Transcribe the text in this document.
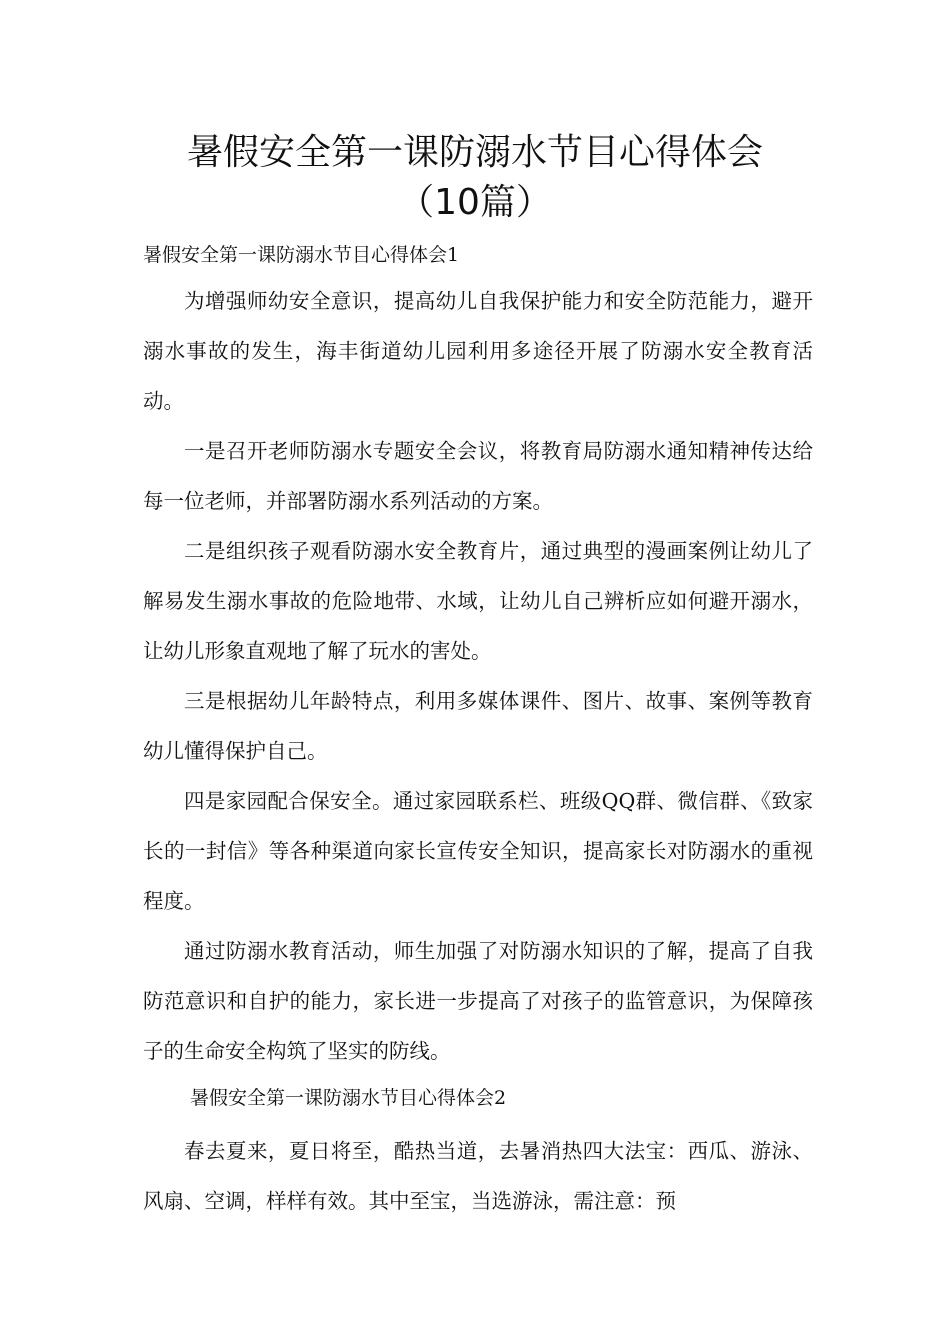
暑假安全第一课防溺水节目心得体会
（10篇）

暑假安全第一课防溺水节目心得体会1

为增强师幼安全意识，提高幼儿自我保护能力和安全防范能力，避开溺水事故的发生，海丰街道幼儿园利用多途径开展了防溺水安全教育活动。

一是召开老师防溺水专题安全会议，将教育局防溺水通知精神传达给每一位老师，并部署防溺水系列活动的方案。

二是组织孩子观看防溺水安全教育片，通过典型的漫画案例让幼儿了解易发生溺水事故的危险地带、水域，让幼儿自己辨析应如何避开溺水，让幼儿形象直观地了解了玩水的害处。

三是根据幼儿年龄特点，利用多媒体课件、图片、故事、案例等教育幼儿懂得保护自己。

四是家园配合保安全。通过家园联系栏、班级QQ群、微信群、《致家长的一封信》等各种渠道向家长宣传安全知识，提高家长对防溺水的重视程度。

通过防溺水教育活动，师生加强了对防溺水知识的了解，提高了自我防范意识和自护的能力，家长进一步提高了对孩子的监管意识，为保障孩子的生命安全构筑了坚实的防线。

暑假安全第一课防溺水节目心得体会2

春去夏来，夏日将至，酷热当道，去暑消热四大法宝：西瓜、游泳、风扇、空调，样样有效。其中至宝，当选游泳，需注意：预
